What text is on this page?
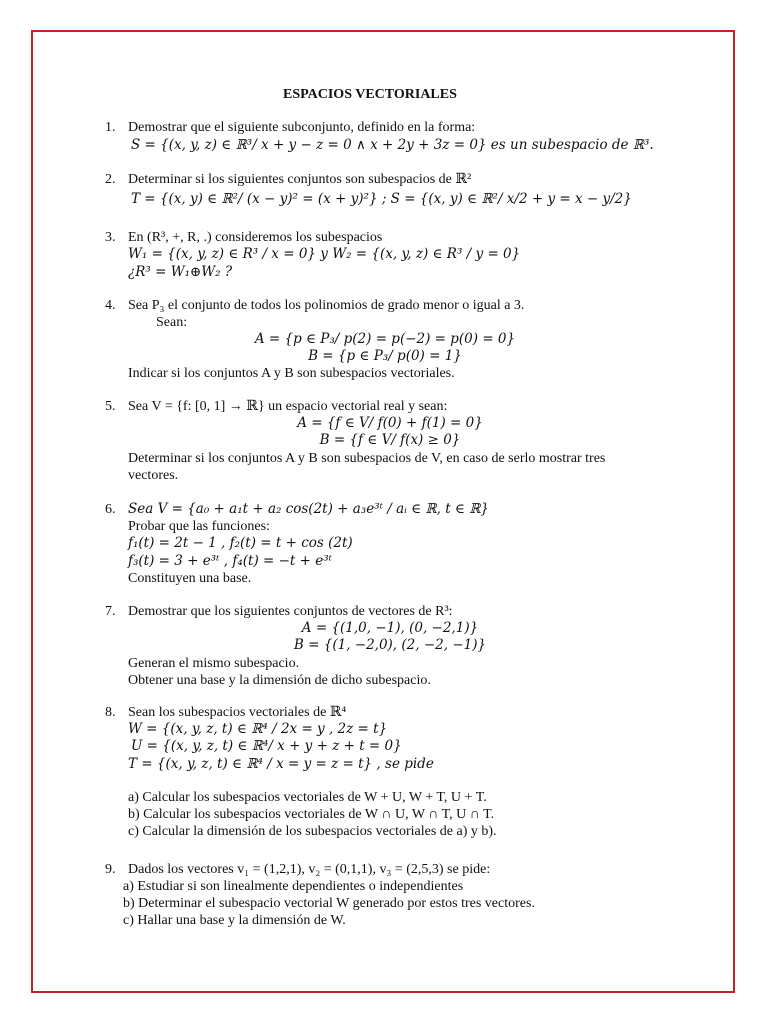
ESPACIOS VECTORIALES
1. Demostrar que el siguiente subconjunto, definido en la forma:
S = {(x, y, z) ∈ ℝ³/ x + y − z = 0 ∧ x + 2y + 3z = 0} es un subespacio de ℝ³.
2. Determinar si los siguientes conjuntos son subespacios de ℝ²
T = {(x, y) ∈ ℝ²/ (x − y)² = (x + y)²} ; S = {(x, y) ∈ ℝ²/ x/2 + y = x − y/2}
3. En (R³, +, R, .) consideremos los subespacios
W₁ = {(x, y, z) ∈ R³ / x = 0} y W₂ = {(x, y, z) ∈ R³ / y = 0}
¿R³ = W₁⊕W₂ ?
4. Sea P₃ el conjunto de todos los polinomios de grado menor o igual a 3.
Sean:
A = {p ∈ P₃/ p(2) = p(−2) = p(0) = 0}
B = {p ∈ P₃/ p(0) = 1}
Indicar si los conjuntos A y B son subespacios vectoriales.
5. Sea V = {f: [0, 1] → ℝ} un espacio vectorial real y sean:
A = {f ∈ V/ f(0) + f(1) = 0}
B = {f ∈ V/ f(x) ≥ 0}
Determinar si los conjuntos A y B son subespacios de V, en caso de serlo mostrar tres
vectores.
6. Sea V = {a₀ + a₁t + a₂ cos(2t) + a₃e³ᵗ / aᵢ ∈ ℝ, t ∈ ℝ}
Probar que las funciones:
f₁(t) = 2t − 1 , f₂(t) = t + cos (2t)
f₃(t) = 3 + e³ᵗ , f₄(t) = −t + e³ᵗ
Constituyen una base.
7. Demostrar que los siguientes conjuntos de vectores de R³:
A = {(1,0, −1), (0, −2,1)}
B = {(1, −2,0), (2, −2, −1)}
Generan el mismo subespacio.
Obtener una base y la dimensión de dicho subespacio.
8. Sean los subespacios vectoriales de ℝ⁴
W = {(x, y, z, t) ∈ ℝ⁴ / 2x = y , 2z = t}
U = {(x, y, z, t) ∈ ℝ⁴/ x + y + z + t = 0}
T = {(x, y, z, t) ∈ ℝ⁴ / x = y = z = t} , se pide
a) Calcular los subespacios vectoriales de W + U, W + T, U + T.
b) Calcular los subespacios vectoriales de W ∩ U, W ∩ T, U ∩ T.
c) Calcular la dimensión de los subespacios vectoriales de a) y b).
9. Dados los vectores v₁ = (1,2,1), v₂ = (0,1,1), v₃ = (2,5,3) se pide:
a) Estudiar si son linealmente dependientes o independientes
b) Determinar el subespacio vectorial W generado por estos tres vectores.
c) Hallar una base y la dimensión de W.
